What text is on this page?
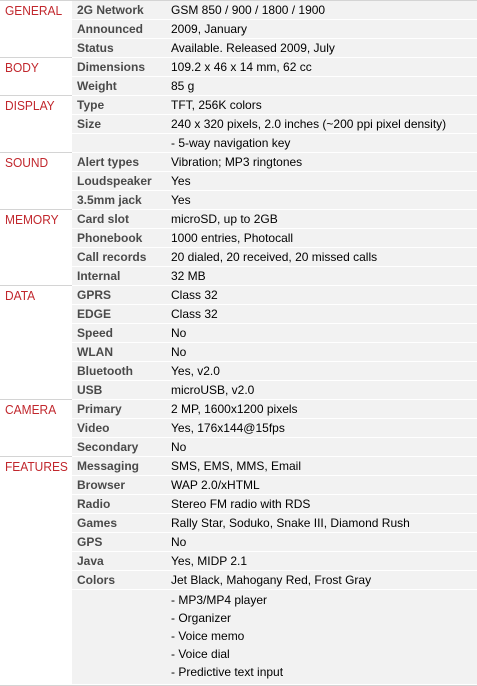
GENERAL	2G Network	GSM 850 / 900 / 1800 / 1900
	Announced	2009, January
	Status	Available. Released 2009, July

BODY	Dimensions	109.2 x 46 x 14 mm, 62 cc
	Weight	85 g

DISPLAY	Type	TFT, 256K colors
	Size	240 x 320 pixels, 2.0 inches (~200 ppi pixel density)
		- 5-way navigation key

SOUND	Alert types	Vibration; MP3 ringtones
	Loudspeaker	Yes
	3.5mm jack	Yes

MEMORY	Card slot	microSD, up to 2GB
	Phonebook	1000 entries, Photocall
	Call records	20 dialed, 20 received, 20 missed calls
	Internal	32 MB

DATA	GPRS	Class 32
	EDGE	Class 32
	Speed	No
	WLAN	No
	Bluetooth	Yes, v2.0
	USB	microUSB, v2.0

CAMERA	Primary	2 MP, 1600x1200 pixels
	Video	Yes, 176x144@15fps
	Secondary	No

FEATURES	Messaging	SMS, EMS, MMS, Email
	Browser	WAP 2.0/xHTML
	Radio	Stereo FM radio with RDS
	Games	Rally Star, Soduko, Snake III, Diamond Rush
	GPS	No
	Java	Yes, MIDP 2.1
	Colors	Jet Black, Mahogany Red, Frost Gray
		- MP3/MP4 player
- Organizer
- Voice memo
- Voice dial
- Predictive text input
